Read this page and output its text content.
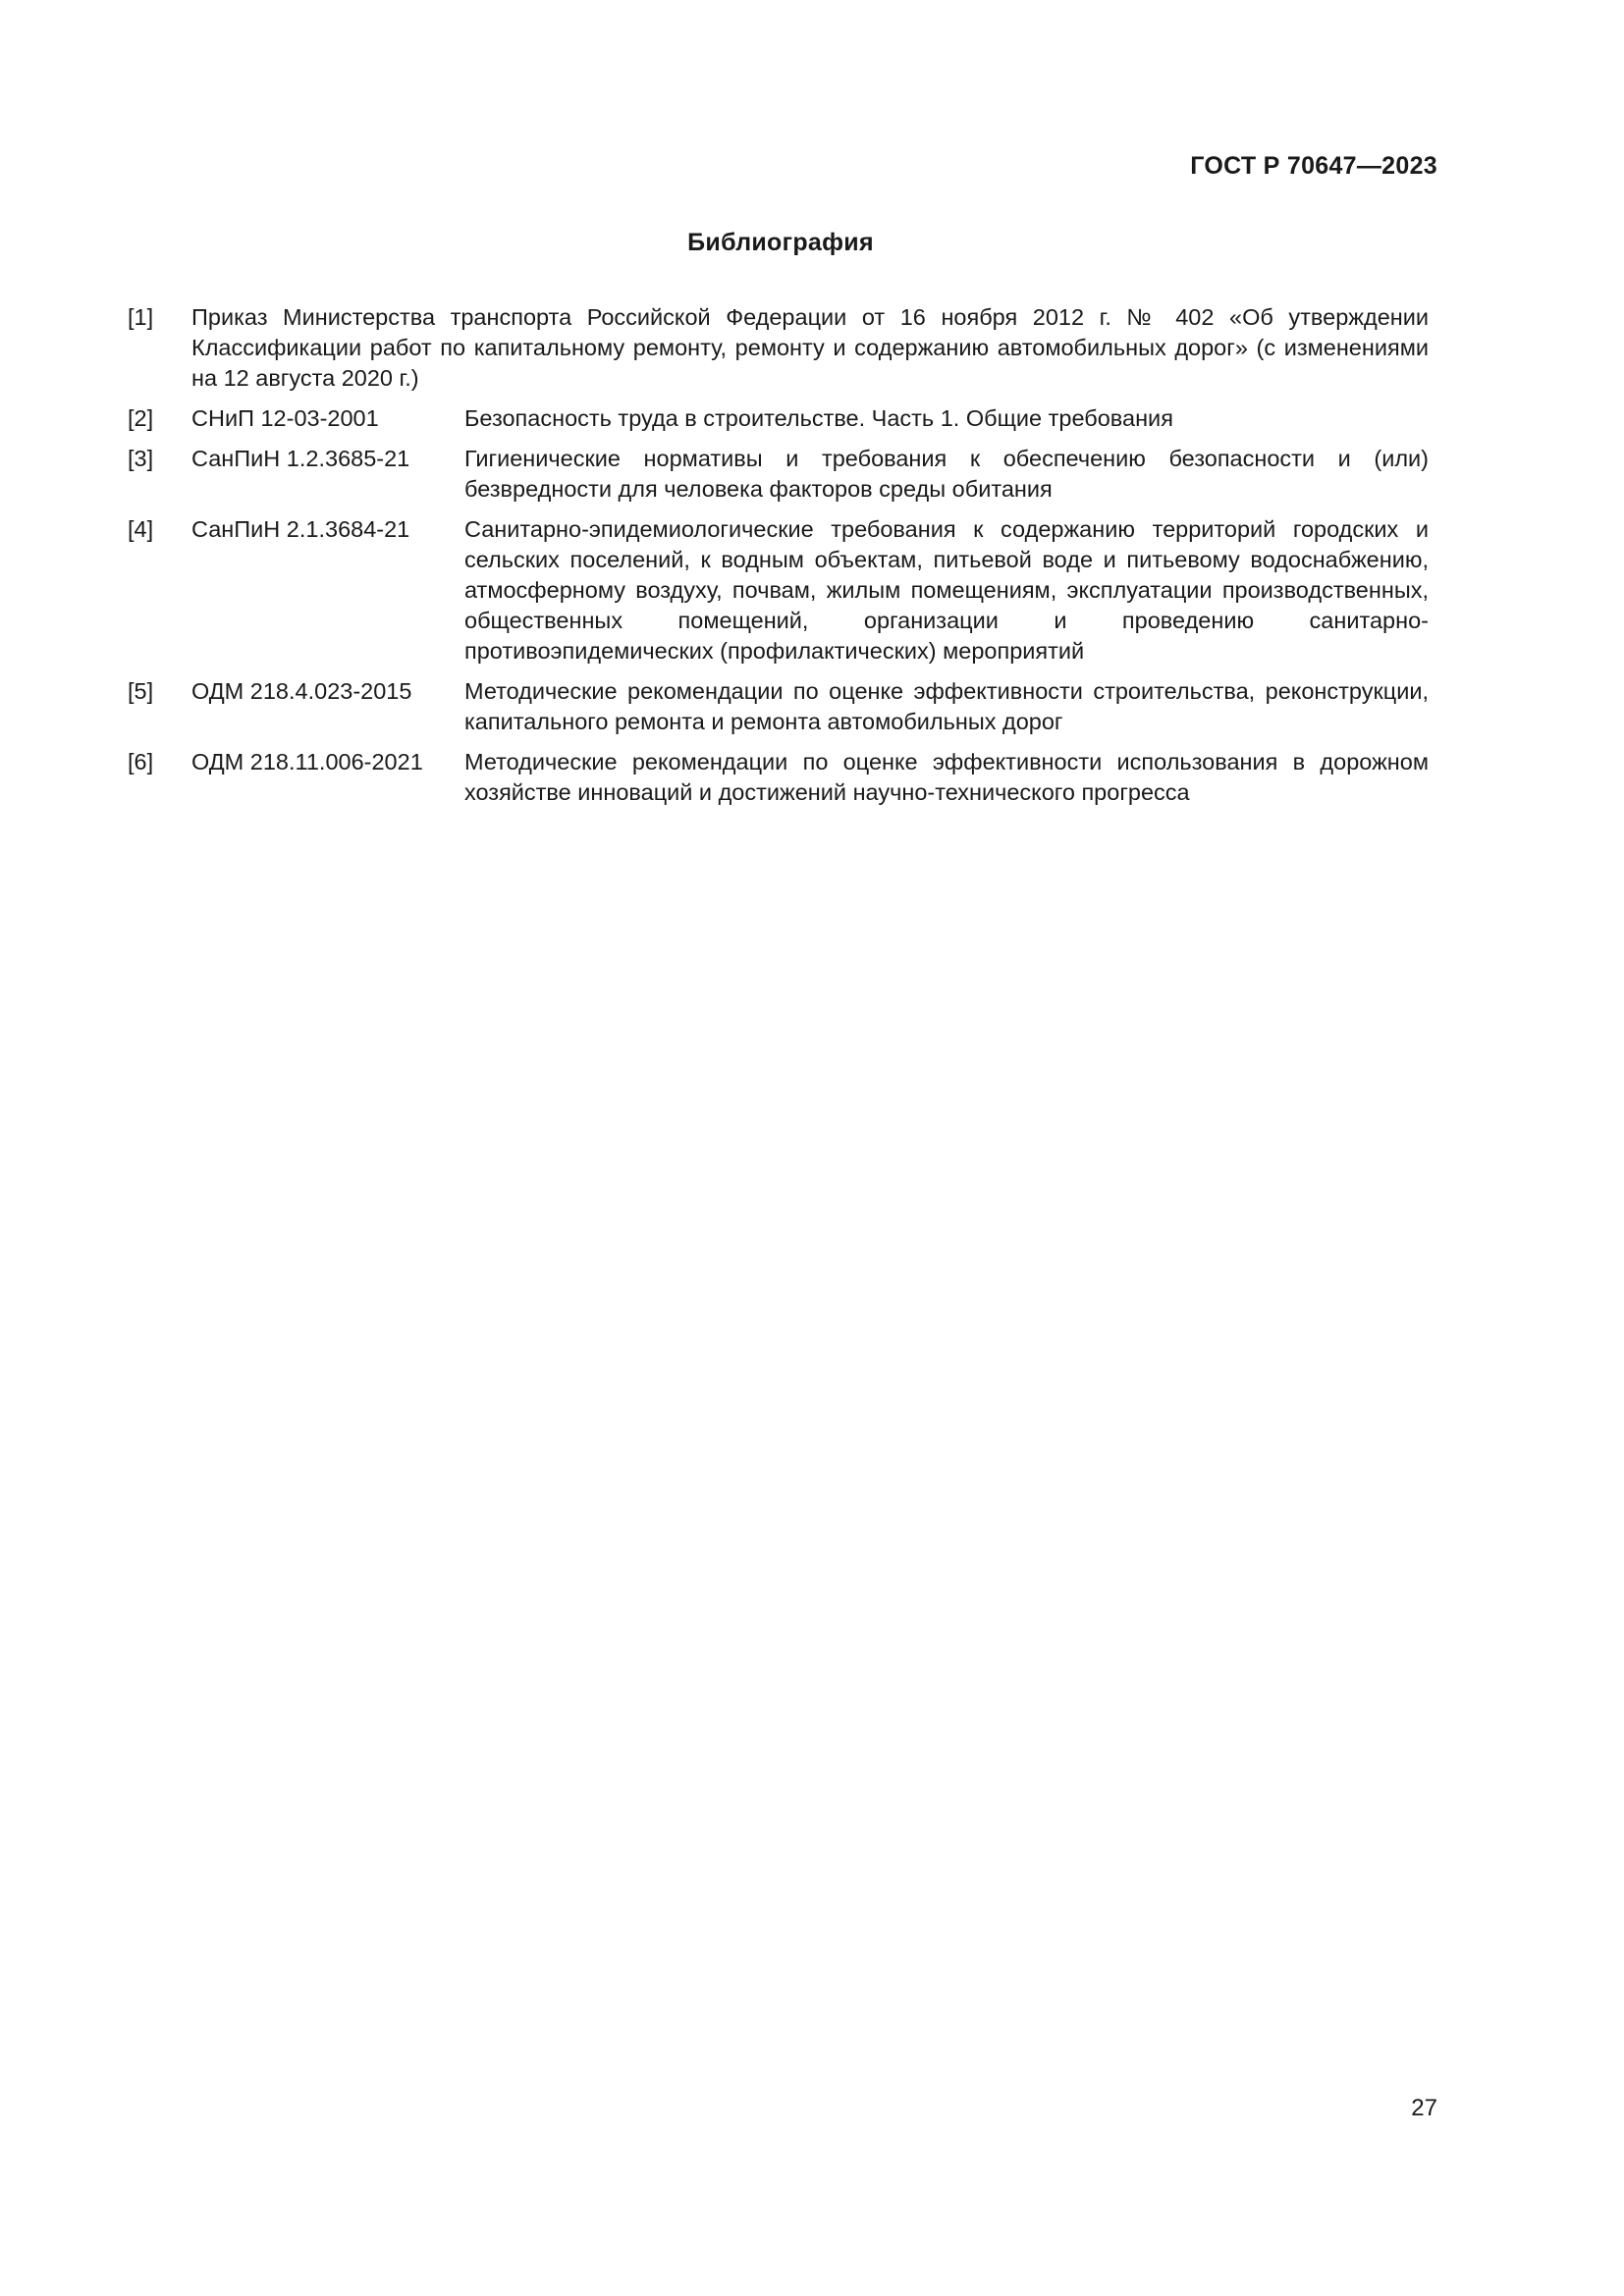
ГОСТ Р 70647—2023
Библиография
[1]	Приказ Министерства транспорта Российской Федерации от 16 ноября 2012 г. № 402 «Об утверждении Классификации работ по капитальному ремонту, ремонту и содержанию автомобильных дорог» (с изменениями на 12 августа 2020 г.)
[2]	СНиП 12-03-2001	Безопасность труда в строительстве. Часть 1. Общие требования
[3]	СанПиН 1.2.3685-21	Гигиенические нормативы и требования к обеспечению безопасности и (или) безвредности для человека факторов среды обитания
[4]	СанПиН 2.1.3684-21	Санитарно-эпидемиологические требования к содержанию территорий городских и сельских поселений, к водным объектам, питьевой воде и питьевому водоснабжению, атмосферному воздуху, почвам, жилым помещениям, эксплуатации производственных, общественных помещений, организации и проведению санитарно-противоэпидемических (профилактических) мероприятий
[5]	ОДМ 218.4.023-2015	Методические рекомендации по оценке эффективности строительства, реконструкции, капитального ремонта и ремонта автомобильных дорог
[6]	ОДМ 218.11.006-2021	Методические рекомендации по оценке эффективности использования в дорожном хозяйстве инноваций и достижений научно-технического прогресса
27
